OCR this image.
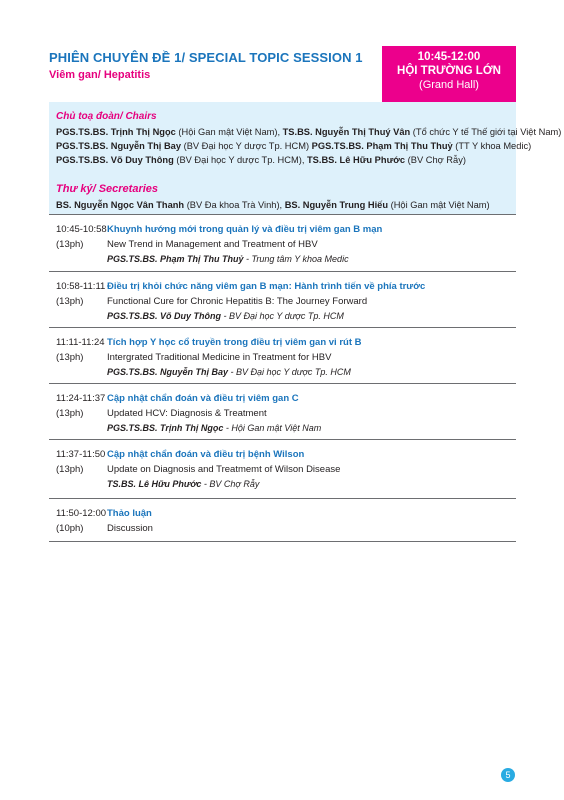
PHIÊN CHUYÊN ĐỀ 1/ SPECIAL TOPIC SESSION 1
Viêm gan/ Hepatitis
10:45-12:00
HỘI TRƯỜNG LỚN
(Grand Hall)
Chủ toạ đoàn/ Chairs
PGS.TS.BS. Trịnh Thị Ngọc (Hội Gan mật Việt Nam), TS.BS. Nguyễn Thị Thuý Vân (Tổ chức Y tế Thế giới tại Việt Nam)
PGS.TS.BS. Nguyễn Thị Bay (BV Đại học Y dược Tp. HCM) PGS.TS.BS. Phạm Thị Thu Thuỷ (TT Y khoa Medic)
PGS.TS.BS. Võ Duy Thông (BV Đại học Y dược Tp. HCM), TS.BS. Lê Hữu Phước (BV Chợ Rẫy)
Thư ký/ Secretaries
BS. Nguyễn Ngọc Vân Thanh (BV Đa khoa Trà Vinh), BS. Nguyễn Trung Hiếu (Hội Gan mật Việt Nam)
10:45-10:58
(13ph)
Khuynh hướng mới trong quản lý và điều trị viêm gan B mạn
New Trend in Management and Treatment of HBV
PGS.TS.BS. Phạm Thị Thu Thuỷ - Trung tâm Y khoa Medic
10:58-11:11
(13ph)
Điều trị khỏi chức năng viêm gan B mạn: Hành trình tiến về phía trước
Functional Cure for Chronic Hepatitis B: The Journey Forward
PGS.TS.BS. Võ Duy Thông - BV Đại học Y dược Tp. HCM
11:11-11:24
(13ph)
Tích hợp Y học cổ truyền trong điều trị viêm gan vi rút B
Intergrated Traditional Medicine in Treatment for HBV
PGS.TS.BS. Nguyễn Thị Bay - BV Đại học Y dược Tp. HCM
11:24-11:37
(13ph)
Cập nhật chẩn đoán và điều trị viêm gan C
Updated HCV: Diagnosis & Treatment
PGS.TS.BS. Trịnh Thị Ngọc - Hội Gan mật Việt Nam
11:37-11:50
(13ph)
Cập nhật chẩn đoán và điều trị bệnh Wilson
Update on Diagnosis and Treatmemt of Wilson Disease
TS.BS. Lê Hữu Phước - BV Chợ Rẫy
11:50-12:00
(10ph)
Thảo luận
Discussion
5
